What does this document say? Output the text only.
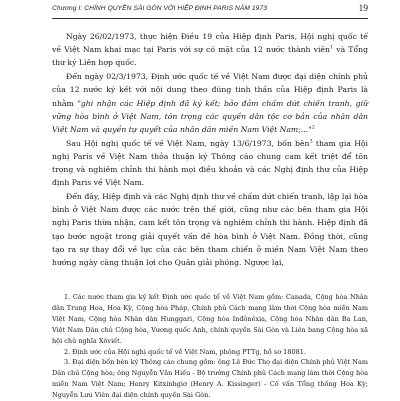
Chương I: CHÍNH QUYỀN SÀI GÒN VỚI HIỆP ĐỊNH PARIS NĂM 1973	19

Ngày 26/02/1973, thực hiện Điều 19 của Hiệp định Paris, Hội nghị quốc tế về Việt Nam khai mạc tại Paris với sự có mặt của 12 nước thành viên$^1$ và Tổng thư ký Liên hợp quốc.

Đến ngày 02/3/1973, Định ước quốc tế về Việt Nam được đại diện chính phủ của 12 nước ký kết với nội dung theo đúng tinh thần của Hiệp định Paris là nhằm "ghi nhận các Hiệp định đã ký kết; bảo đảm chấm dứt chiến tranh, giữ vững hòa bình ở Việt Nam, tôn trọng các quyền dân tộc cơ bản của nhân dân Việt Nam và quyền tự quyết của nhân dân miền Nam Việt Nam;..."$^2$

Sau Hội nghị quốc tế về Việt Nam, ngày 13/6/1973, bốn bên$^3$ tham gia Hội nghị Paris về Việt Nam thỏa thuận ký Thông cáo chung cam kết triệt để tôn trọng và nghiêm chỉnh thi hành mọi điều khoản và các Nghị định thư của Hiệp định Paris về Việt Nam.

Đến đây, Hiệp định và các Nghị định thư về chấm dứt chiến tranh, lập lại hòa bình ở Việt Nam được các nước trên thế giới, cũng như các bên tham gia Hội nghị Paris thừa nhận, cam kết tôn trọng và nghiêm chỉnh thi hành. Hiệp định đã tạo bước ngoặt trong giải quyết vấn đề hòa bình ở Việt Nam. Đồng thời, cũng tạo ra sự thay đổi về lực của các bên tham chiến ở miền Nam Việt Nam theo hướng ngày càng thuận lợi cho Quân giải phóng. Ngược lại,

1. Các nước tham gia ký kết Định ước quốc tế về Việt Nam gồm: Canada, Cộng hòa Nhân dân Trung Hoa, Hoa Kỳ, Cộng hòa Pháp, Chính phủ Cách mạng lâm thời Cộng hòa miền Nam Việt Nam, Cộng hòa Nhân dân Hunggari, Cộng hòa Inđônêxia, Cộng hòa Nhân dân Ba Lan, Việt Nam Dân chủ Cộng hòa, Vương quốc Anh, chính quyền Sài Gòn và Liên bang Cộng hòa xã hội chủ nghĩa Xôviết.

2. Định ước của Hội nghị quốc tế về Việt Nam, phông PTTg, hồ sơ 18081.

3. Đại diện bốn bên ký Thông cáo chung gồm: ông Lê Đức Thọ đại diện Chính phủ Việt Nam Dân chủ Cộng hòa; ông Nguyễn Văn Hiếu - Bộ trưởng Chính phủ Cách mạng lâm thời Cộng hòa miền Nam Việt Nam; Henry Kitxinhgiơ (Henry A. Kissinger) - Cố vấn Tổng thống Hoa Kỳ; Nguyễn Lưu Viên đại diện chính quyền Sài Gòn.
